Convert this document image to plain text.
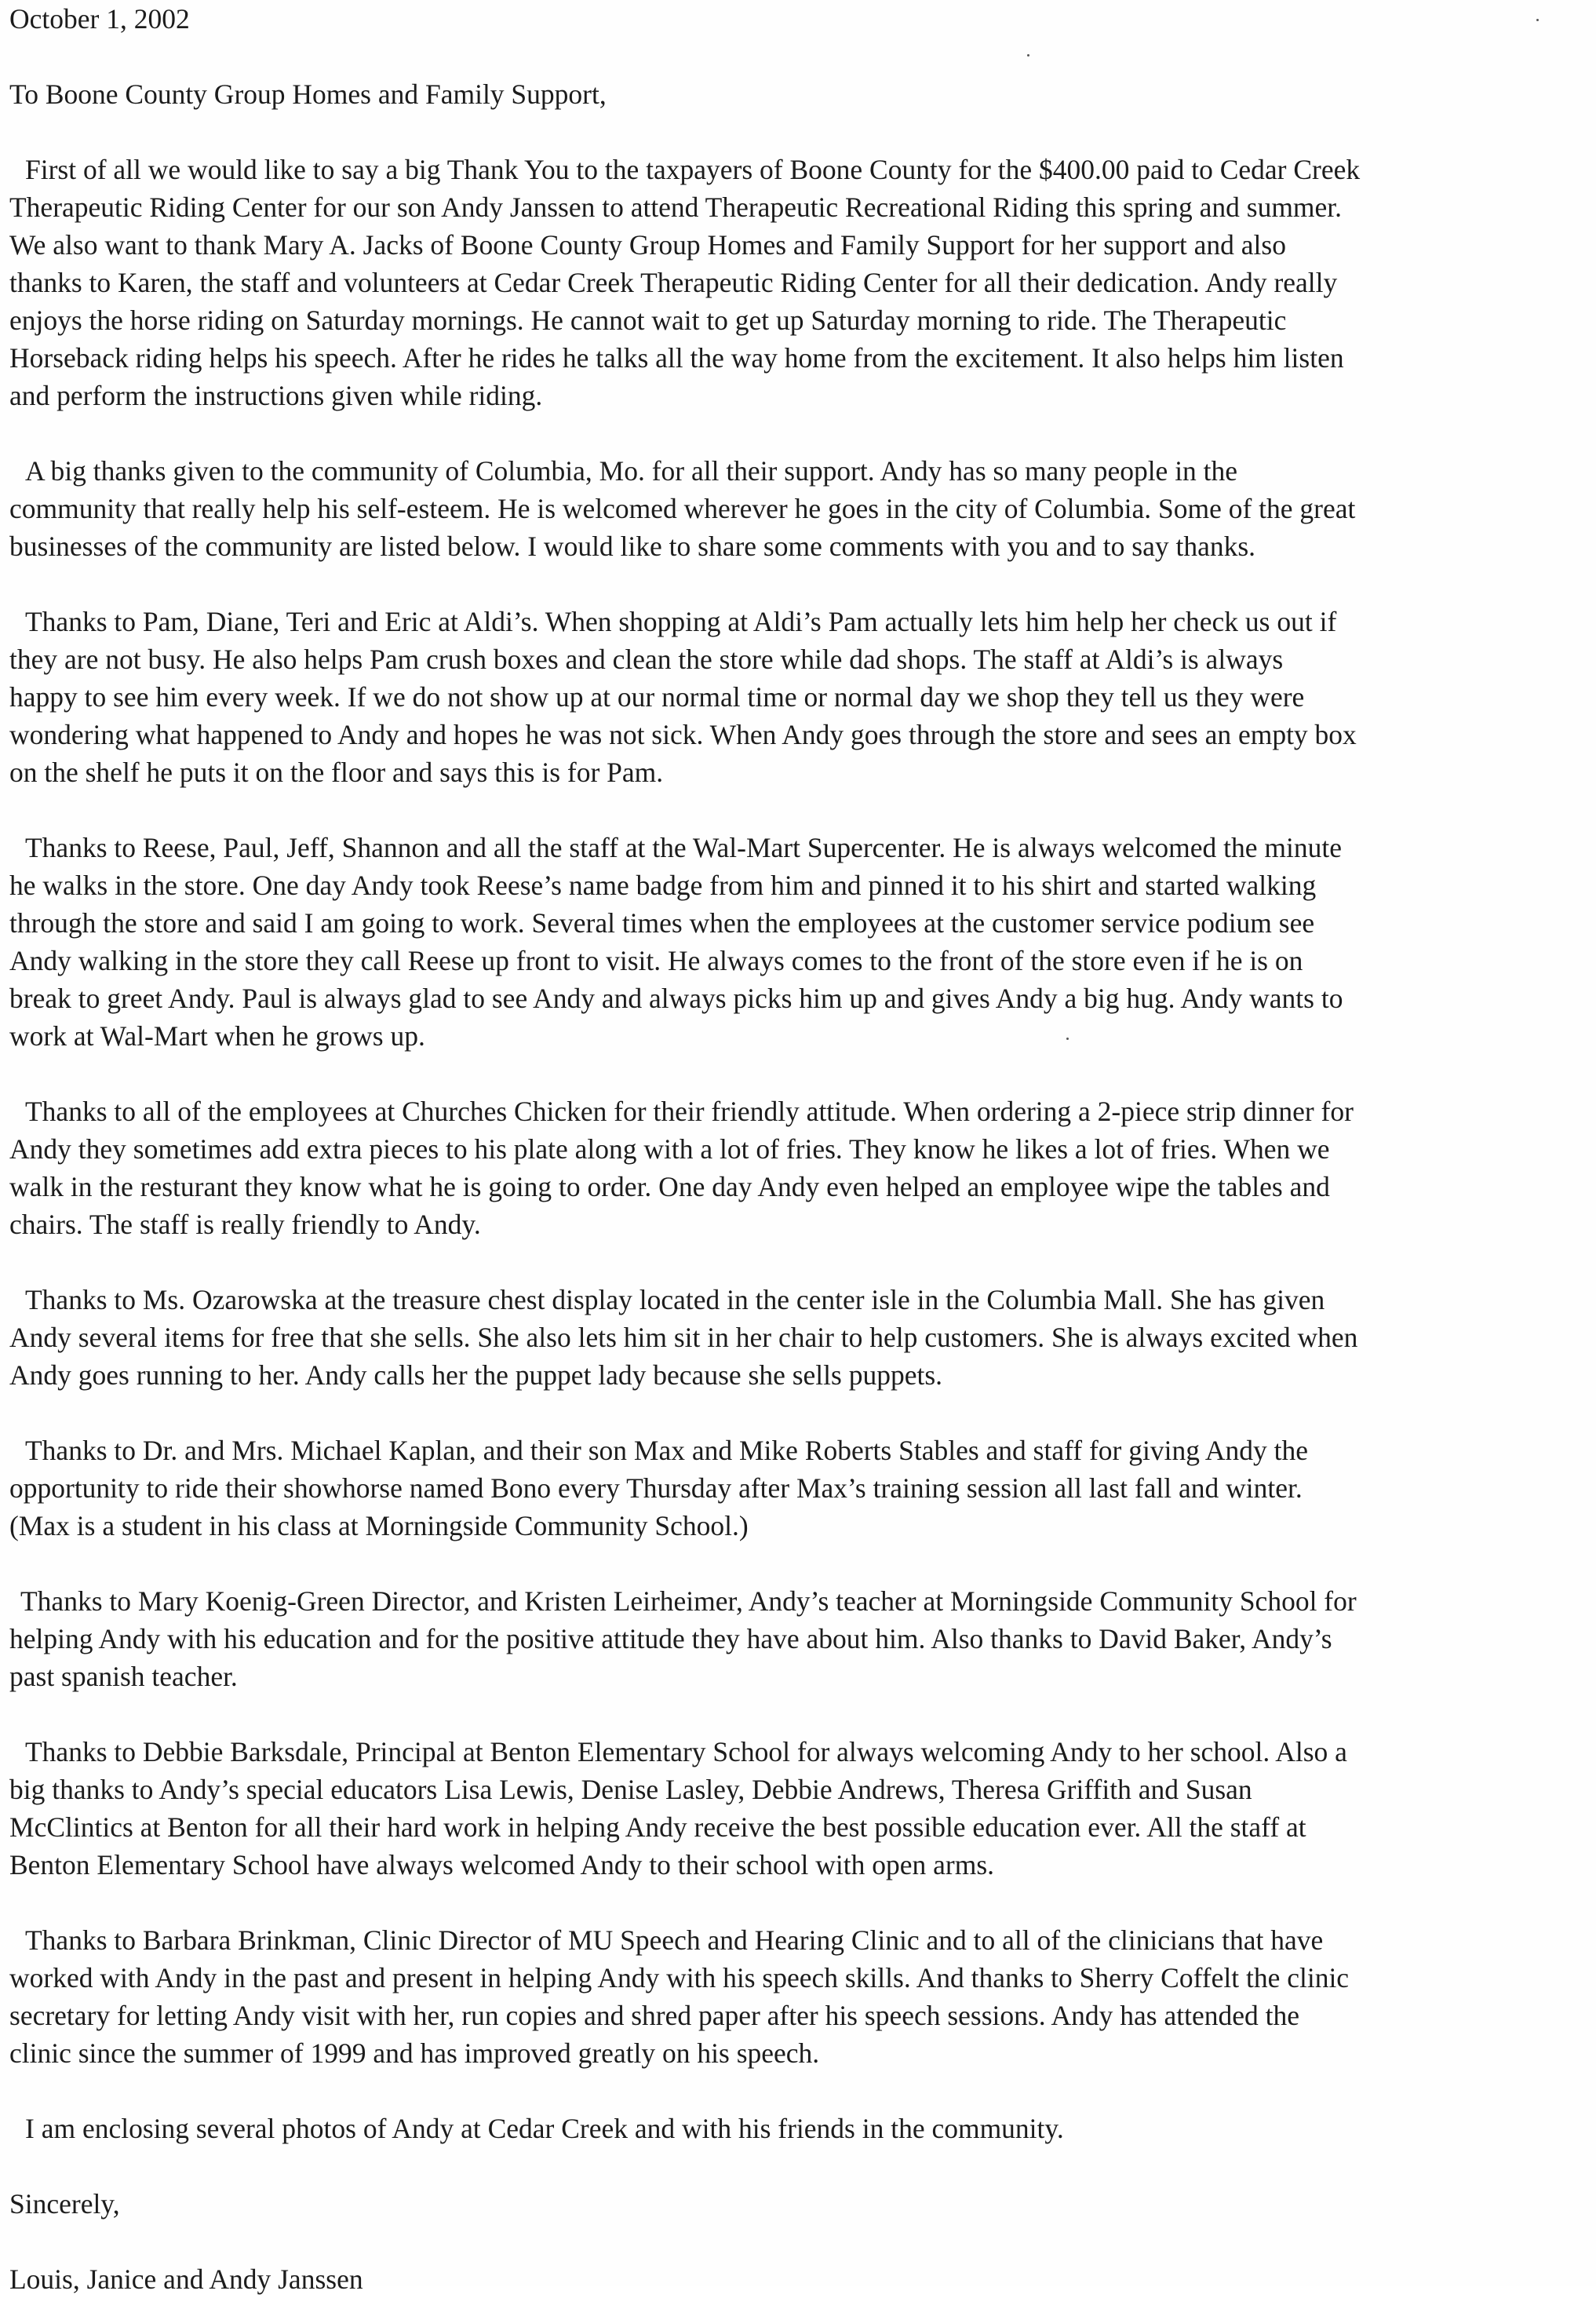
October 1, 2002
To Boone County Group Homes and Family Support,
First of all we would like to say a big Thank You to the taxpayers of Boone County for the $400.00 paid to Cedar Creek
Therapeutic Riding Center for our son Andy Janssen to attend Therapeutic Recreational Riding this spring and summer.
We also want to thank Mary A. Jacks of Boone County Group Homes and Family Support for her support and also
thanks to Karen, the staff and volunteers at Cedar Creek Therapeutic Riding Center for all their dedication. Andy really
enjoys the horse riding on Saturday mornings. He cannot wait to get up Saturday morning to ride. The Therapeutic
Horseback riding helps his speech. After he rides he talks all the way home from the excitement. It also helps him listen
and perform the instructions given while riding.
A big thanks given to the community of Columbia, Mo. for all their support. Andy has so many people in the
community that really help his self-esteem. He is welcomed wherever he goes in the city of Columbia. Some of the great
businesses of the community are listed below. I would like to share some comments with you and to say thanks.
Thanks to Pam, Diane, Teri and Eric at Aldi’s. When shopping at Aldi’s Pam actually lets him help her check us out if
they are not busy. He also helps Pam crush boxes and clean the store while dad shops. The staff at Aldi’s is always
happy to see him every week. If we do not show up at our normal time or normal day we shop they tell us they were
wondering what happened to Andy and hopes he was not sick. When Andy goes through the store and sees an empty box
on the shelf he puts it on the floor and says this is for Pam.
Thanks to Reese, Paul, Jeff, Shannon and all the staff at the Wal-Mart Supercenter. He is always welcomed the minute
he walks in the store. One day Andy took Reese’s name badge from him and pinned it to his shirt and started walking
through the store and said I am going to work. Several times when the employees at the customer service podium see
Andy walking in the store they call Reese up front to visit. He always comes to the front of the store even if he is on
break to greet Andy. Paul is always glad to see Andy and always picks him up and gives Andy a big hug. Andy wants to
work at Wal-Mart when he grows up.
Thanks to all of the employees at Churches Chicken for their friendly attitude. When ordering a 2-piece strip dinner for
Andy they sometimes add extra pieces to his plate along with a lot of fries. They know he likes a lot of fries. When we
walk in the resturant they know what he is going to order. One day Andy even helped an employee wipe the tables and
chairs. The staff is really friendly to Andy.
Thanks to Ms. Ozarowska at the treasure chest display located in the center isle in the Columbia Mall. She has given
Andy several items for free that she sells. She also lets him sit in her chair to help customers. She is always excited when
Andy goes running to her. Andy calls her the puppet lady because she sells puppets.
Thanks to Dr. and Mrs. Michael Kaplan, and their son Max and Mike Roberts Stables and staff for giving Andy the
opportunity to ride their showhorse named Bono every Thursday after Max’s training session all last fall and winter.
(Max is a student in his class at Morningside Community School.)
Thanks to Mary Koenig-Green Director, and Kristen Leirheimer, Andy’s teacher at Morningside Community School for
helping Andy with his education and for the positive attitude they have about him. Also thanks to David Baker, Andy’s
past spanish teacher.
Thanks to Debbie Barksdale, Principal at Benton Elementary School for always welcoming Andy to her school. Also a
big thanks to Andy’s special educators Lisa Lewis, Denise Lasley, Debbie Andrews, Theresa Griffith and Susan
McClintics at Benton for all their hard work in helping Andy receive the best possible education ever. All the staff at
Benton Elementary School have always welcomed Andy to their school with open arms.
Thanks to Barbara Brinkman, Clinic Director of MU Speech and Hearing Clinic and to all of the clinicians that have
worked with Andy in the past and present in helping Andy with his speech skills. And thanks to Sherry Coffelt the clinic
secretary for letting Andy visit with her, run copies and shred paper after his speech sessions. Andy has attended the
clinic since the summer of 1999 and has improved greatly on his speech.
I am enclosing several photos of Andy at Cedar Creek and with his friends in the community.
Sincerely,
Louis, Janice and Andy Janssen
